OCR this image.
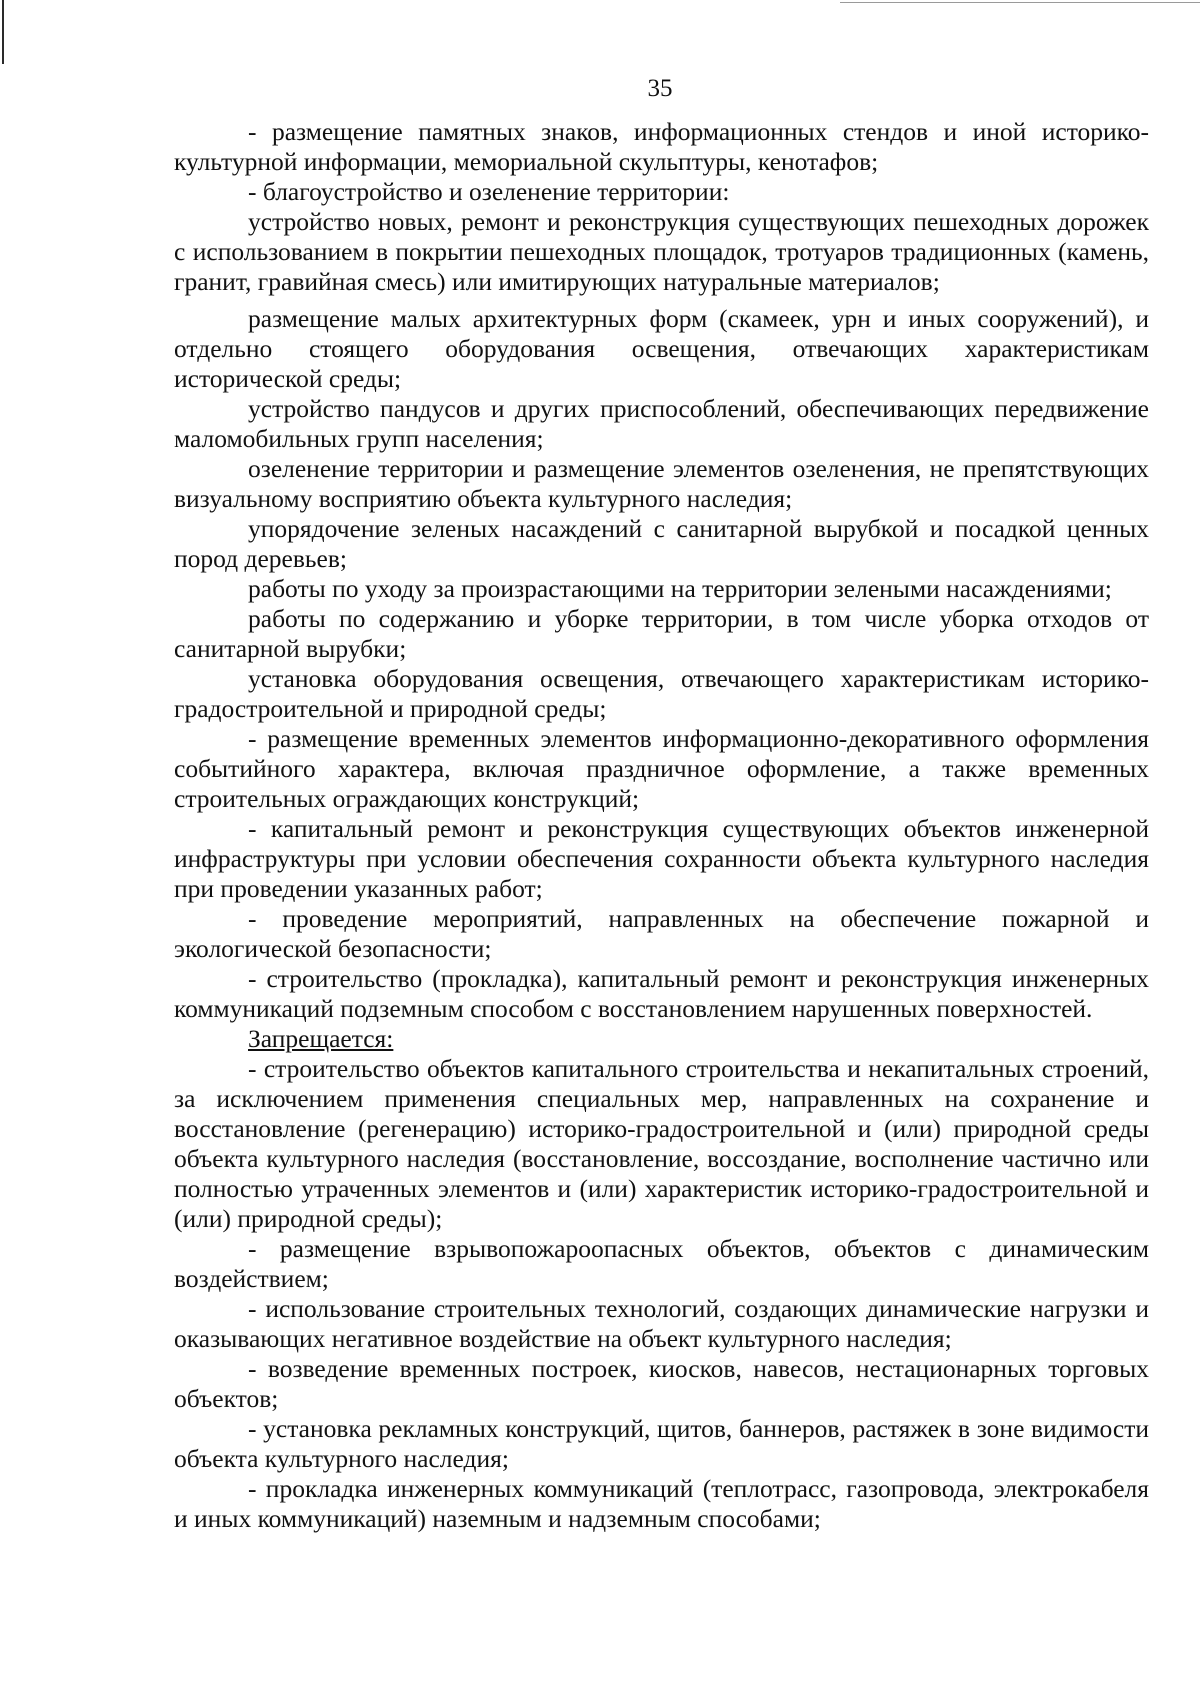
35

- размещение памятных знаков, информационных стендов и иной историко-культурной информации, мемориальной скульптуры, кенотафов;

- благоустройство и озеленение территории:

устройство новых, ремонт и реконструкция существующих пешеходных дорожек с использованием в покрытии пешеходных площадок, тротуаров традиционных (камень, гранит, гравийная смесь) или имитирующих натуральные материалов;

размещение малых архитектурных форм (скамеек, урн и иных сооружений), и отдельно стоящего оборудования освещения, отвечающих характеристикам исторической среды;

устройство пандусов и других приспособлений, обеспечивающих передвижение маломобильных групп населения;

озеленение территории и размещение элементов озеленения, не препятствующих визуальному восприятию объекта культурного наследия;

упорядочение зеленых насаждений с санитарной вырубкой и посадкой ценных пород деревьев;

работы по уходу за произрастающими на территории зелеными насаждениями;

работы по содержанию и уборке территории, в том числе уборка отходов от санитарной вырубки;

установка оборудования освещения, отвечающего характеристикам историко-градостроительной и природной среды;

- размещение временных элементов информационно-декоративного оформления событийного характера, включая праздничное оформление, а также временных строительных ограждающих конструкций;

- капитальный ремонт и реконструкция существующих объектов инженерной инфраструктуры при условии обеспечения сохранности объекта культурного наследия при проведении указанных работ;

- проведение мероприятий, направленных на обеспечение пожарной и экологической безопасности;

- строительство (прокладка), капитальный ремонт и реконструкция инженерных коммуникаций подземным способом с восстановлением нарушенных поверхностей.

Запрещается:

- строительство объектов капитального строительства и некапитальных строений, за исключением применения специальных мер, направленных на сохранение и восстановление (регенерацию) историко-градостроительной и (или) природной среды объекта культурного наследия (восстановление, воссоздание, восполнение частично или полностью утраченных элементов и (или) характеристик историко-градостроительной и (или) природной среды);

- размещение взрывопожароопасных объектов, объектов с динамическим воздействием;

- использование строительных технологий, создающих динамические нагрузки и оказывающих негативное воздействие на объект культурного наследия;

- возведение временных построек, киосков, навесов, нестационарных торговых объектов;

- установка рекламных конструкций, щитов, баннеров, растяжек в зоне видимости объекта культурного наследия;

- прокладка инженерных коммуникаций (теплотрасс, газопровода, электрокабеля и иных коммуникаций) наземным и надземным способами;
